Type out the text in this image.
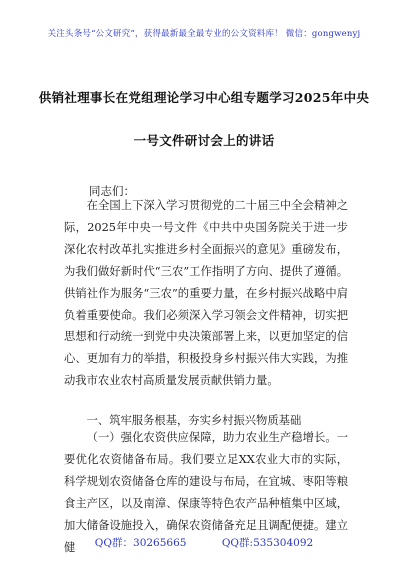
关注头条号“公文研究”，获得最新最全最专业的公文资料库！ 微信：gongwenyj
供销社理事长在党组理论学习中心组专题学习2025年中央
一号文件研讨会上的讲话
同志们：
在全国上下深入学习贯彻党的二十届三中全会精神之际，2025年中央一号文件《中共中央国务院关于进一步深化农村改革扎实推进乡村全面振兴的意见》重磅发布，为我们做好新时代“三农”工作指明了方向、提供了遵循。供销社作为服务“三农”的重要力量，在乡村振兴战略中肩负着重要使命。我们必须深入学习领会文件精神，切实把思想和行动统一到党中央决策部署上来，以更加坚定的信心、更加有力的举措，积极投身乡村振兴伟大实践，为推动我市农业农村高质量发展贡献供销力量。
一、筑牢服务根基，夯实乡村振兴物质基础
（一）强化农资供应保障，助力农业生产稳增长。一要优化农资储备布局。我们要立足XX农业大市的实际，科学规划农资储备仓库的建设与布局，在宜城、枣阳等粮食主产区，以及南漳、保康等特色农产品种植集中区域，加大储备设施投入，确保农资储备充足且调配便捷。建立健	QQ群：30265665	QQ群:535304092
